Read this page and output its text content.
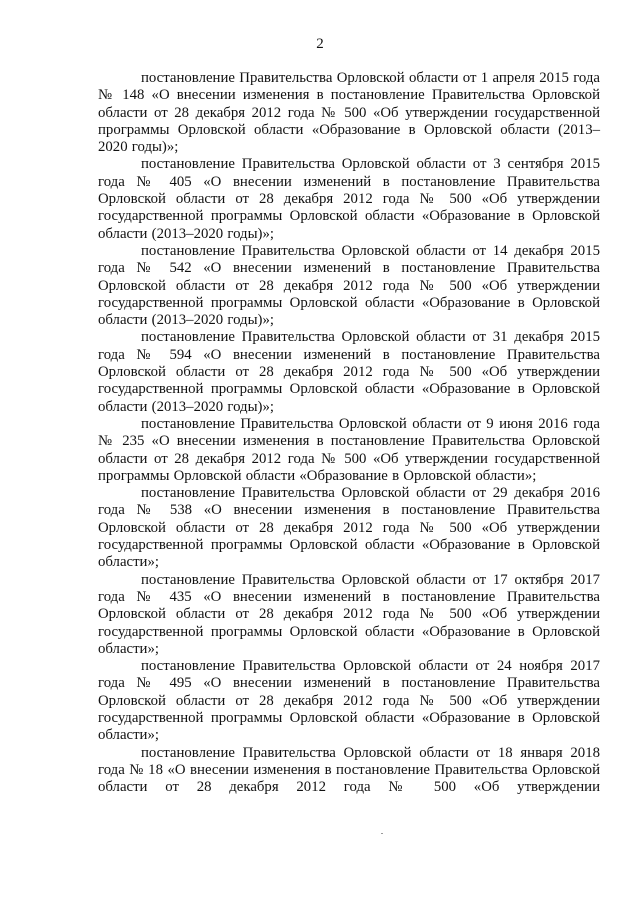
2

постановление Правительства Орловской области от 1 апреля 2015 года № 148 «О внесении изменения в постановление Правительства Орловской области от 28 декабря 2012 года № 500 «Об утверждении государственной программы Орловской области «Образование в Орловской области (2013–2020 годы)»;

постановление Правительства Орловской области от 3 сентября 2015 года № 405 «О внесении изменений в постановление Правительства Орловской области от 28 декабря 2012 года № 500 «Об утверждении государственной программы Орловской области «Образование в Орловской области (2013–2020 годы)»;

постановление Правительства Орловской области от 14 декабря 2015 года № 542 «О внесении изменений в постановление Правительства Орловской области от 28 декабря 2012 года № 500 «Об утверждении государственной программы Орловской области «Образование в Орловской области (2013–2020 годы)»;

постановление Правительства Орловской области от 31 декабря 2015 года № 594 «О внесении изменений в постановление Правительства Орловской области от 28 декабря 2012 года № 500 «Об утверждении государственной программы Орловской области «Образование в Орловской области (2013–2020 годы)»;

постановление Правительства Орловской области от 9 июня 2016 года № 235 «О внесении изменения в постановление Правительства Орловской области от 28 декабря 2012 года № 500 «Об утверждении государственной программы Орловской области «Образование в Орловской области»;

постановление Правительства Орловской области от 29 декабря 2016 года № 538 «О внесении изменения в постановление Правительства Орловской области от 28 декабря 2012 года № 500 «Об утверждении государственной программы Орловской области «Образование в Орловской области»;

постановление Правительства Орловской области от 17 октября 2017 года № 435 «О внесении изменений в постановление Правительства Орловской области от 28 декабря 2012 года № 500 «Об утверждении государственной программы Орловской области «Образование в Орловской области»;

постановление Правительства Орловской области от 24 ноября 2017 года № 495 «О внесении изменений в постановление Правительства Орловской области от 28 декабря 2012 года № 500 «Об утверждении государственной программы Орловской области «Образование в Орловской области»;

постановление Правительства Орловской области от 18 января 2018 года № 18 «О внесении изменения в постановление Правительства Орловской области от 28 декабря 2012 года № 500 «Об утверждении
